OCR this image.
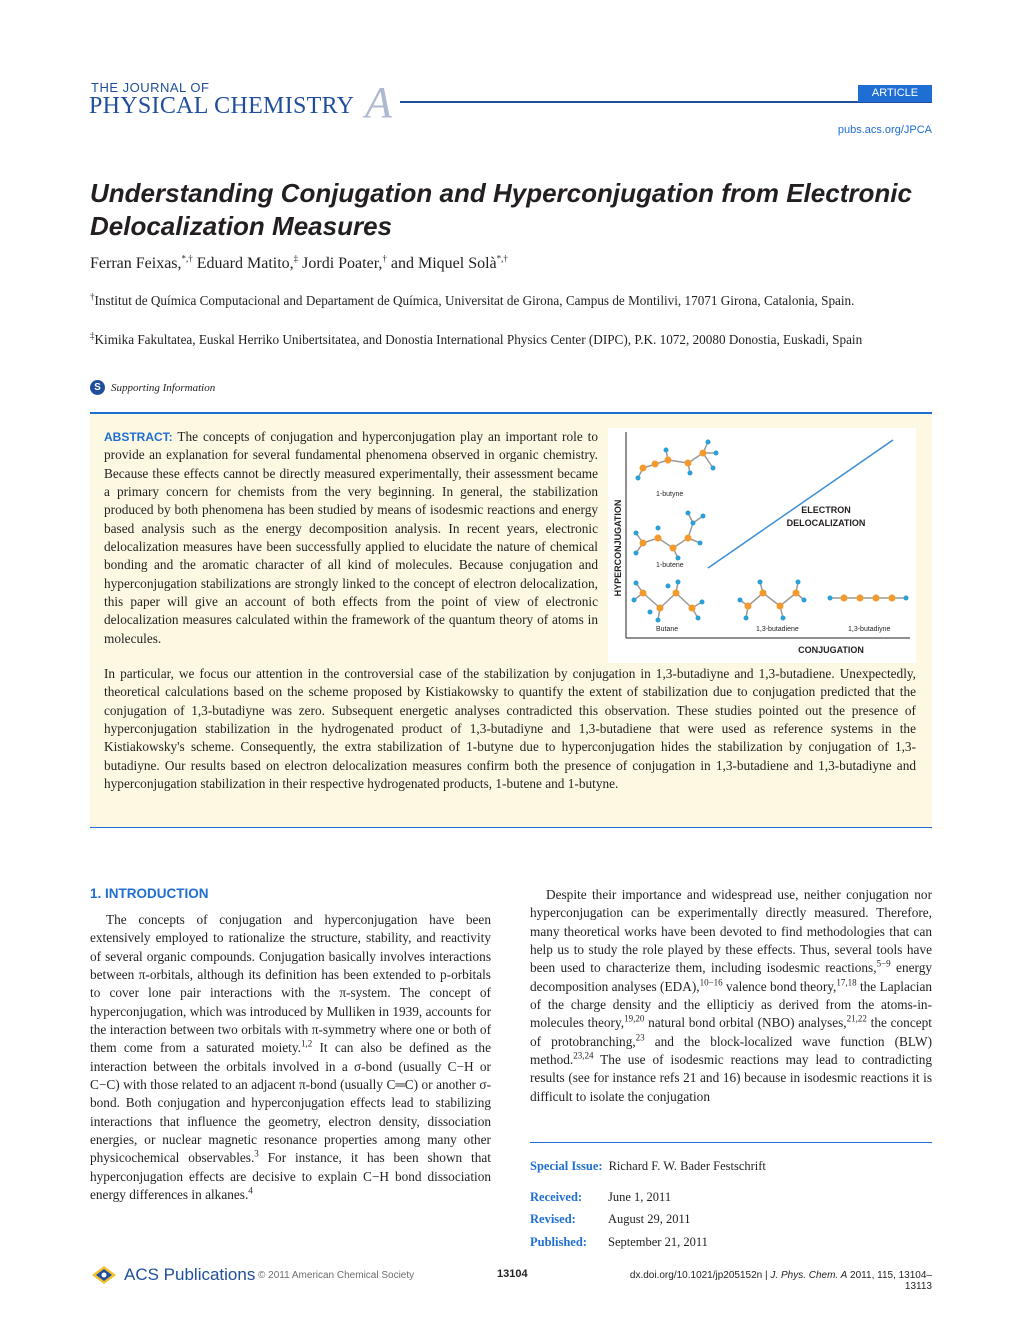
THE JOURNAL OF
PHYSICAL CHEMISTRY A	ARTICLE
pubs.acs.org/JPCA
Understanding Conjugation and Hyperconjugation from Electronic Delocalization Measures
Ferran Feixas,*,† Eduard Matito,‡ Jordi Poater,† and Miquel Solà*,†
†Institut de Química Computacional and Departament de Química, Universitat de Girona, Campus de Montilivi, 17071 Girona, Catalonia, Spain.
‡Kimika Fakultatea, Euskal Herriko Unibertsitatea, and Donostia International Physics Center (DIPC), P.K. 1072, 20080 Donostia, Euskadi, Spain
S Supporting Information
ABSTRACT: The concepts of conjugation and hyperconjugation play an important role to provide an explanation for several fundamental phenomena observed in organic chemistry. Because these effects cannot be directly measured experimentally, their assessment became a primary concern for chemists from the very beginning. In general, the stabilization produced by both phenomena has been studied by means of isodesmic reactions and energy based analysis such as the energy decomposition analysis. In recent years, electronic delocalization measures have been successfully applied to elucidate the nature of chemical bonding and the aromatic character of all kind of molecules. Because conjugation and hyperconjugation stabilizations are strongly linked to the concept of electron delocalization, this paper will give an account of both effects from the point of view of electronic delocalization measures calculated within the framework of the quantum theory of atoms in molecules.
In particular, we focus our attention in the controversial case of the stabilization by conjugation in 1,3-butadiyne and 1,3-butadiene. Unexpectedly, theoretical calculations based on the scheme proposed by Kistiakowsky to quantify the extent of stabilization due to conjugation predicted that the conjugation of 1,3-butadiyne was zero. Subsequent energetic analyses contradicted this observation. These studies pointed out the presence of hyperconjugation stabilization in the hydrogenated product of 1,3-butadiyne and 1,3-butadiene that were used as reference systems in the Kistiakowsky's scheme. Consequently, the extra stabilization of 1-butyne due to hyperconjugation hides the stabilization by conjugation of 1,3-butadiyne. Our results based on electron delocalization measures confirm both the presence of conjugation in 1,3-butadiene and 1,3-butadiyne and hyperconjugation stabilization in their respective hydrogenated products, 1-butene and 1-butyne.
HYPERCONJUGATION
CONJUGATION
ELECTRON
DELOCALIZATION
1-butyne
1-butene
Butane	1,3-butadiene	1,3-butadiyne
1. INTRODUCTION

The concepts of conjugation and hyperconjugation have been extensively employed to rationalize the structure, stability, and reactivity of several organic compounds. Conjugation basically involves interactions between π-orbitals, although its definition has been extended to p-orbitals to cover lone pair interactions with the π-system. The concept of hyperconjugation, which was introduced by Mulliken in 1939, accounts for the interaction between two orbitals with π-symmetry where one or both of them come from a saturated moiety.$^{1,2}$ It can also be defined as the interaction between the orbitals involved in a σ-bond (usually C−H or C−C) with those related to an adjacent π-bond (usually C═C) or another σ-bond. Both conjugation and hyperconjugation effects lead to stabilizing interactions that influence the geometry, electron density, dissociation energies, or nuclear magnetic resonance properties among many other physicochemical observables.$^3$ For instance, it has been shown that hyperconjugation effects are decisive to explain C−H bond dissociation energy differences in alkanes.$^4$

Despite their importance and widespread use, neither conjugation nor hyperconjugation can be experimentally directly measured. Therefore, many theoretical works have been devoted to find methodologies that can help us to study the role played by these effects. Thus, several tools have been used to characterize them, including isodesmic reactions,$^{5-9}$ energy decomposition analyses (EDA),$^{10-16}$ valence bond theory,$^{17,18}$ the Laplacian of the charge density and the ellipticiy as derived from the atoms-in-molecules theory,$^{19,20}$ natural bond orbital (NBO) analyses,$^{21,22}$ the concept of protobranching,$^{23}$ and the block-localized wave function (BLW) method.$^{23,24}$ The use of isodesmic reactions may lead to contradicting results (see for instance refs 21 and 16) because in isodesmic reactions it is difficult to isolate the conjugation

Special Issue: Richard F. W. Bader Festschrift
Received: June 1, 2011
Revised:	August 29, 2011
Published: September 21, 2011
ACS Publications © 2011 American Chemical Society	13104	dx.doi.org/10.1021/jp205152n | J. Phys. Chem. A 2011, 115, 13104–13113
